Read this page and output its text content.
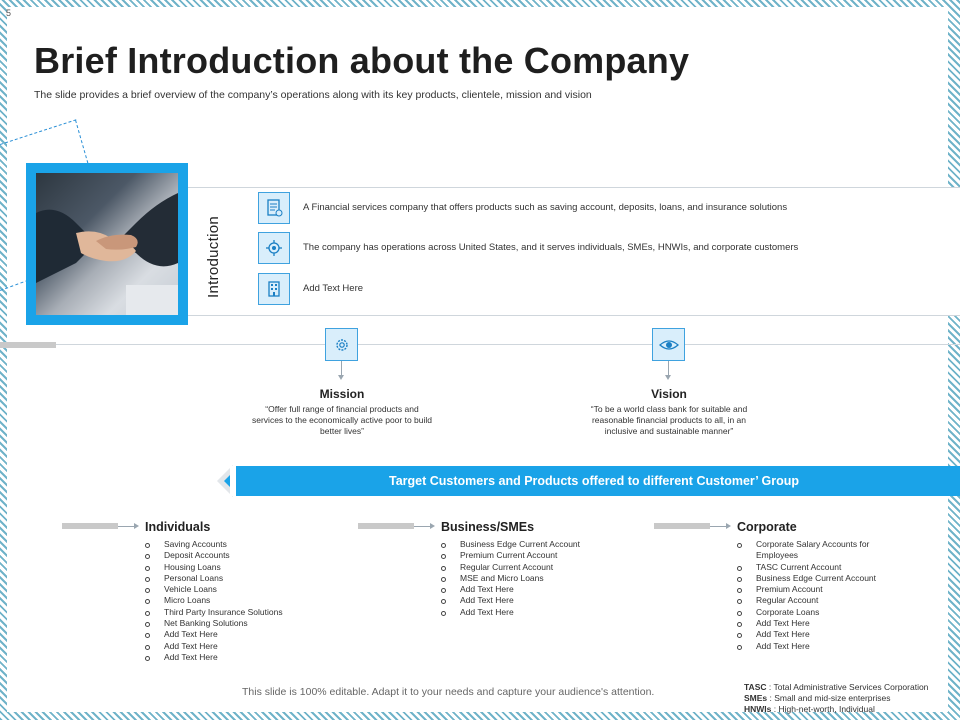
5
Brief Introduction about the Company
The slide provides a brief overview of the company’s operations along with its key products, clientele, mission and vision
Introduction
A Financial services company that offers products such as saving account, deposits, loans, and insurance solutions
The company has operations across United States, and it serves individuals, SMEs, HNWIs, and corporate customers
Add Text Here
Mission
“Offer full range of financial products and services to the economically active poor to build better lives”
Vision
“To be a world class bank for suitable and reasonable financial products to all, in an inclusive and sustainable manner”
Target Customers and Products offered to different Customer’ Group
Individuals
Saving Accounts
Deposit Accounts
Housing Loans
Personal Loans
Vehicle Loans
Micro Loans
Third Party Insurance Solutions
Net Banking Solutions
Add Text Here
Add Text Here
Add Text Here
Business/SMEs
Business Edge Current Account
Premium Current Account
Regular Current Account
MSE and Micro Loans
Add Text Here
Add Text Here
Add Text Here
Corporate
Corporate Salary Accounts for Employees
TASC Current Account
Business Edge Current Account
Premium Account
Regular Account
Corporate Loans
Add Text Here
Add Text Here
Add Text Here
This slide is 100% editable. Adapt it to your needs and capture your audience's attention.	TASC : Total Administrative Services Corporation
SMEs : Small and mid-size enterprises
HNWIs : High-net-worth, Individual
